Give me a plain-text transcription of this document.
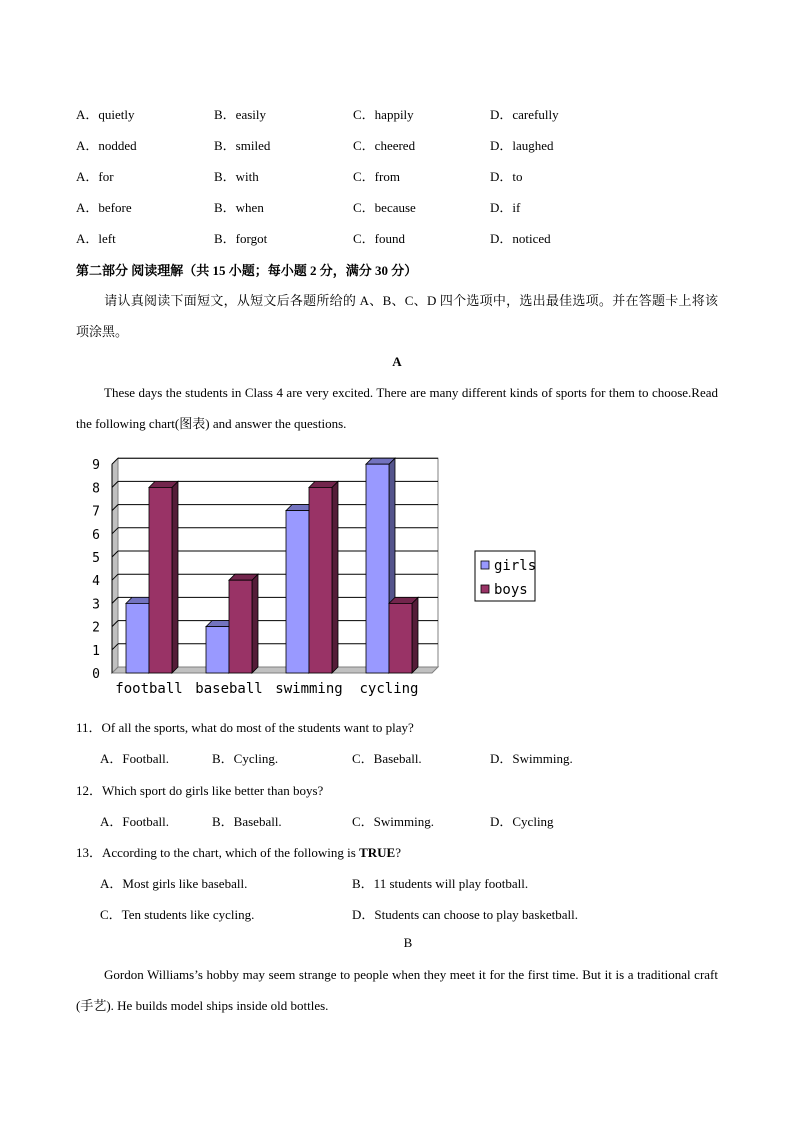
A．quietly	B．easily	C．happily	D．carefully
A．nodded	B．smiled	C．cheered	D．laughed
A．for	B．with	C．from	D．to
A．before	B．when	C．because	D．if
A．left	B．forgot	C．found	D．noticed
第二部分 阅读理解（共 15 小题；每小题 2 分，满分 30 分）
请认真阅读下面短文，从短文后各题所给的 A、B、C、D 四个选项中，选出最佳选项。并在答题卡上将该项涂黑。
A
These days the students in Class 4 are very excited. There are many different kinds of sports for them to choose.Read the following chart(图表) and answer the questions.
0
1
2
3
4
5
6
7
8
9
football baseball swimming cycling
girls
boys
11．Of all the sports, what do most of the students want to play?
A．Football.	B．Cycling.	C．Baseball.	D．Swimming.
12．Which sport do girls like better than boys?
A．Football.	B．Baseball.	C．Swimming.	D．Cycling
13．According to the chart, which of the following is TRUE?
A．Most girls like baseball.	B．11 students will play football.
C．Ten students like cycling.	D．Students can choose to play basketball.
B
Gordon Williams’s hobby may seem strange to people when they meet it for the first time. But it is a traditional craft (手艺). He builds model ships inside old bottles.
